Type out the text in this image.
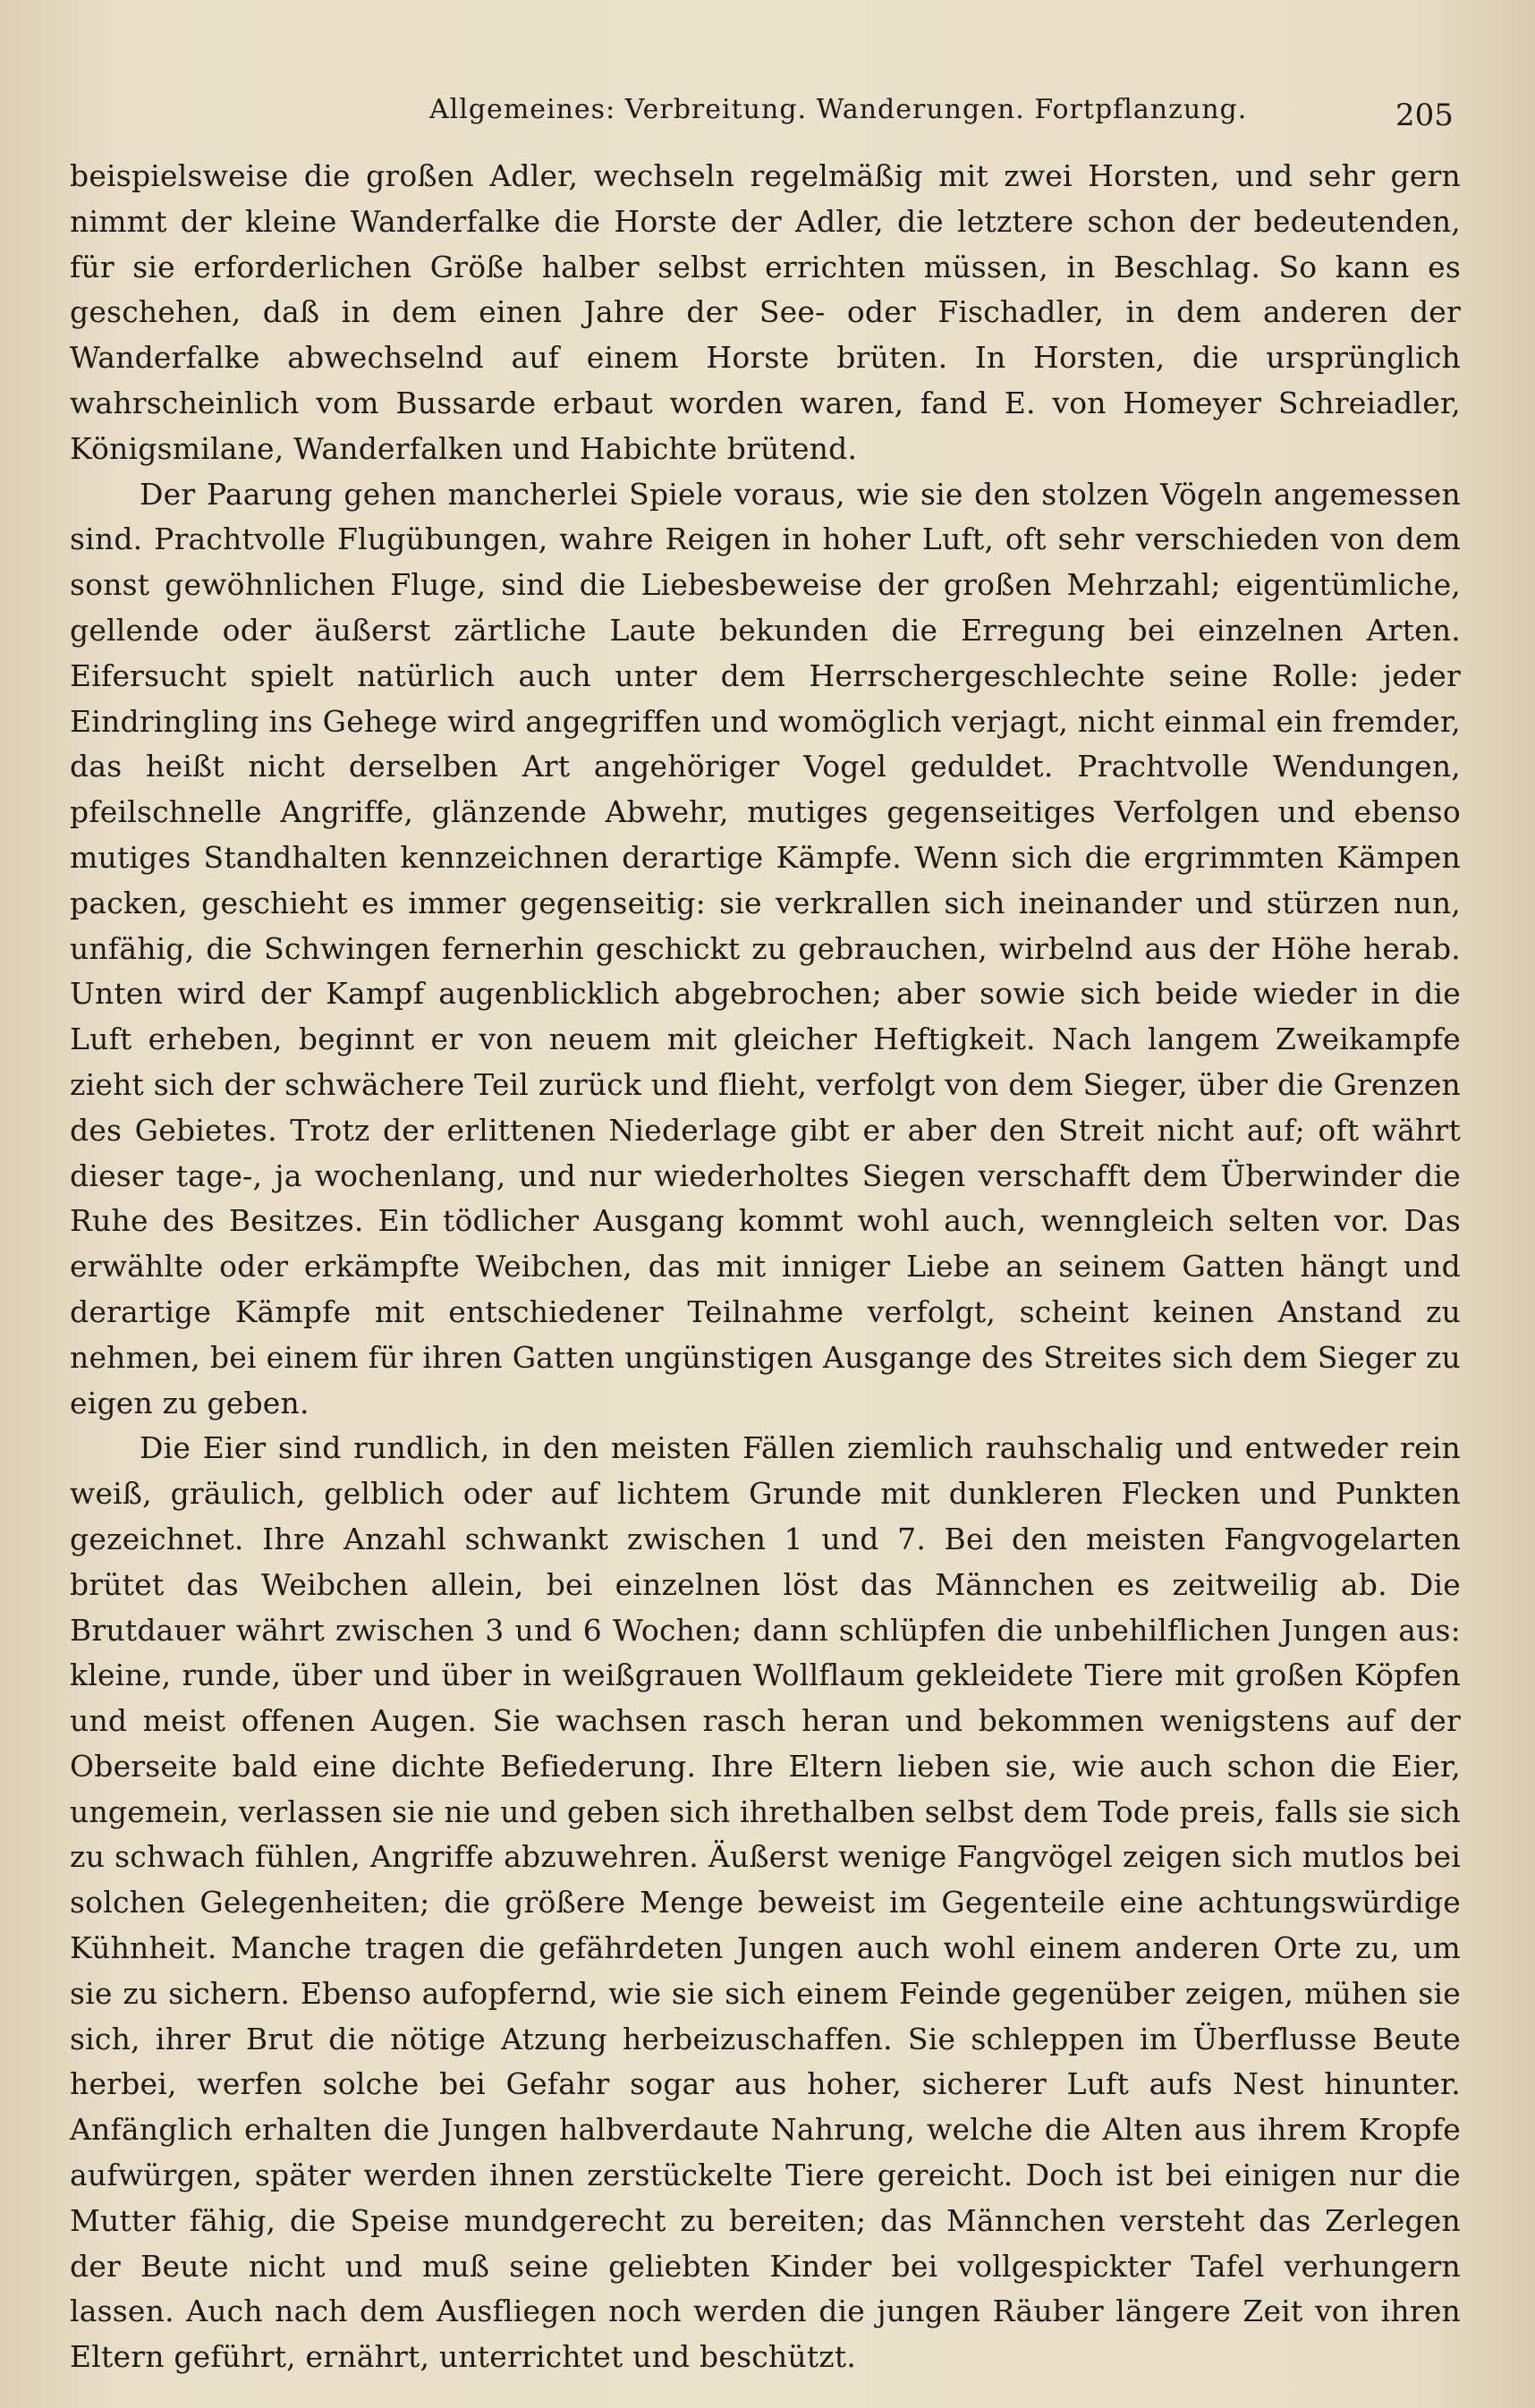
Allgemeines: Verbreitung. Wanderungen. Fortpflanzung.	205

beispielsweise die großen Adler, wechseln regelmäßig mit zwei Horsten, und sehr gern nimmt der kleine Wanderfalke die Horste der Adler, die letztere schon der bedeutenden, für sie erforderlichen Größe halber selbst errichten müssen, in Beschlag. So kann es geschehen, daß in dem einen Jahre der See- oder Fischadler, in dem anderen der Wanderfalke abwechselnd auf einem Horste brüten. In Horsten, die ursprünglich wahrscheinlich vom Bussarde erbaut worden waren, fand E. von Homeyer Schreiadler, Königsmilane, Wanderfalken und Habichte brütend.

Der Paarung gehen mancherlei Spiele voraus, wie sie den stolzen Vögeln angemessen sind. Prachtvolle Flugübungen, wahre Reigen in hoher Luft, oft sehr verschieden von dem sonst gewöhnlichen Fluge, sind die Liebesbeweise der großen Mehrzahl; eigentümliche, gellende oder äußerst zärtliche Laute bekunden die Erregung bei einzelnen Arten. Eifersucht spielt natürlich auch unter dem Herrschergeschlechte seine Rolle: jeder Eindringling ins Gehege wird angegriffen und womöglich verjagt, nicht einmal ein fremder, das heißt nicht derselben Art angehöriger Vogel geduldet. Prachtvolle Wendungen, pfeilschnelle Angriffe, glänzende Abwehr, mutiges gegenseitiges Verfolgen und ebenso mutiges Standhalten kennzeichnen derartige Kämpfe. Wenn sich die ergrimmten Kämpen packen, geschieht es immer gegenseitig: sie verkrallen sich ineinander und stürzen nun, unfähig, die Schwingen fernerhin geschickt zu gebrauchen, wirbelnd aus der Höhe herab. Unten wird der Kampf augenblicklich abgebrochen; aber sowie sich beide wieder in die Luft erheben, beginnt er von neuem mit gleicher Heftigkeit. Nach langem Zweikampfe zieht sich der schwächere Teil zurück und flieht, verfolgt von dem Sieger, über die Grenzen des Gebietes. Trotz der erlittenen Niederlage gibt er aber den Streit nicht auf; oft währt dieser tage-, ja wochenlang, und nur wiederholtes Siegen verschafft dem Überwinder die Ruhe des Besitzes. Ein tödlicher Ausgang kommt wohl auch, wenngleich selten vor. Das erwählte oder erkämpfte Weibchen, das mit inniger Liebe an seinem Gatten hängt und derartige Kämpfe mit entschiedener Teilnahme verfolgt, scheint keinen Anstand zu nehmen, bei einem für ihren Gatten ungünstigen Ausgange des Streites sich dem Sieger zu eigen zu geben.

Die Eier sind rundlich, in den meisten Fällen ziemlich rauhschalig und entweder rein weiß, gräulich, gelblich oder auf lichtem Grunde mit dunkleren Flecken und Punkten gezeichnet. Ihre Anzahl schwankt zwischen 1 und 7. Bei den meisten Fangvogelarten brütet das Weibchen allein, bei einzelnen löst das Männchen es zeitweilig ab. Die Brutdauer währt zwischen 3 und 6 Wochen; dann schlüpfen die unbehilflichen Jungen aus: kleine, runde, über und über in weißgrauen Wollflaum gekleidete Tiere mit großen Köpfen und meist offenen Augen. Sie wachsen rasch heran und bekommen wenigstens auf der Oberseite bald eine dichte Befiederung. Ihre Eltern lieben sie, wie auch schon die Eier, ungemein, verlassen sie nie und geben sich ihrethalben selbst dem Tode preis, falls sie sich zu schwach fühlen, Angriffe abzuwehren. Äußerst wenige Fangvögel zeigen sich mutlos bei solchen Gelegenheiten; die größere Menge beweist im Gegenteile eine achtungswürdige Kühnheit. Manche tragen die gefährdeten Jungen auch wohl einem anderen Orte zu, um sie zu sichern. Ebenso aufopfernd, wie sie sich einem Feinde gegenüber zeigen, mühen sie sich, ihrer Brut die nötige Atzung herbeizuschaffen. Sie schleppen im Überflusse Beute herbei, werfen solche bei Gefahr sogar aus hoher, sicherer Luft aufs Nest hinunter. Anfänglich erhalten die Jungen halbverdaute Nahrung, welche die Alten aus ihrem Kropfe aufwürgen, später werden ihnen zerstückelte Tiere gereicht. Doch ist bei einigen nur die Mutter fähig, die Speise mundgerecht zu bereiten; das Männchen versteht das Zerlegen der Beute nicht und muß seine geliebten Kinder bei vollgespickter Tafel verhungern lassen. Auch nach dem Ausfliegen noch werden die jungen Räuber längere Zeit von ihren Eltern geführt, ernährt, unterrichtet und beschützt.
